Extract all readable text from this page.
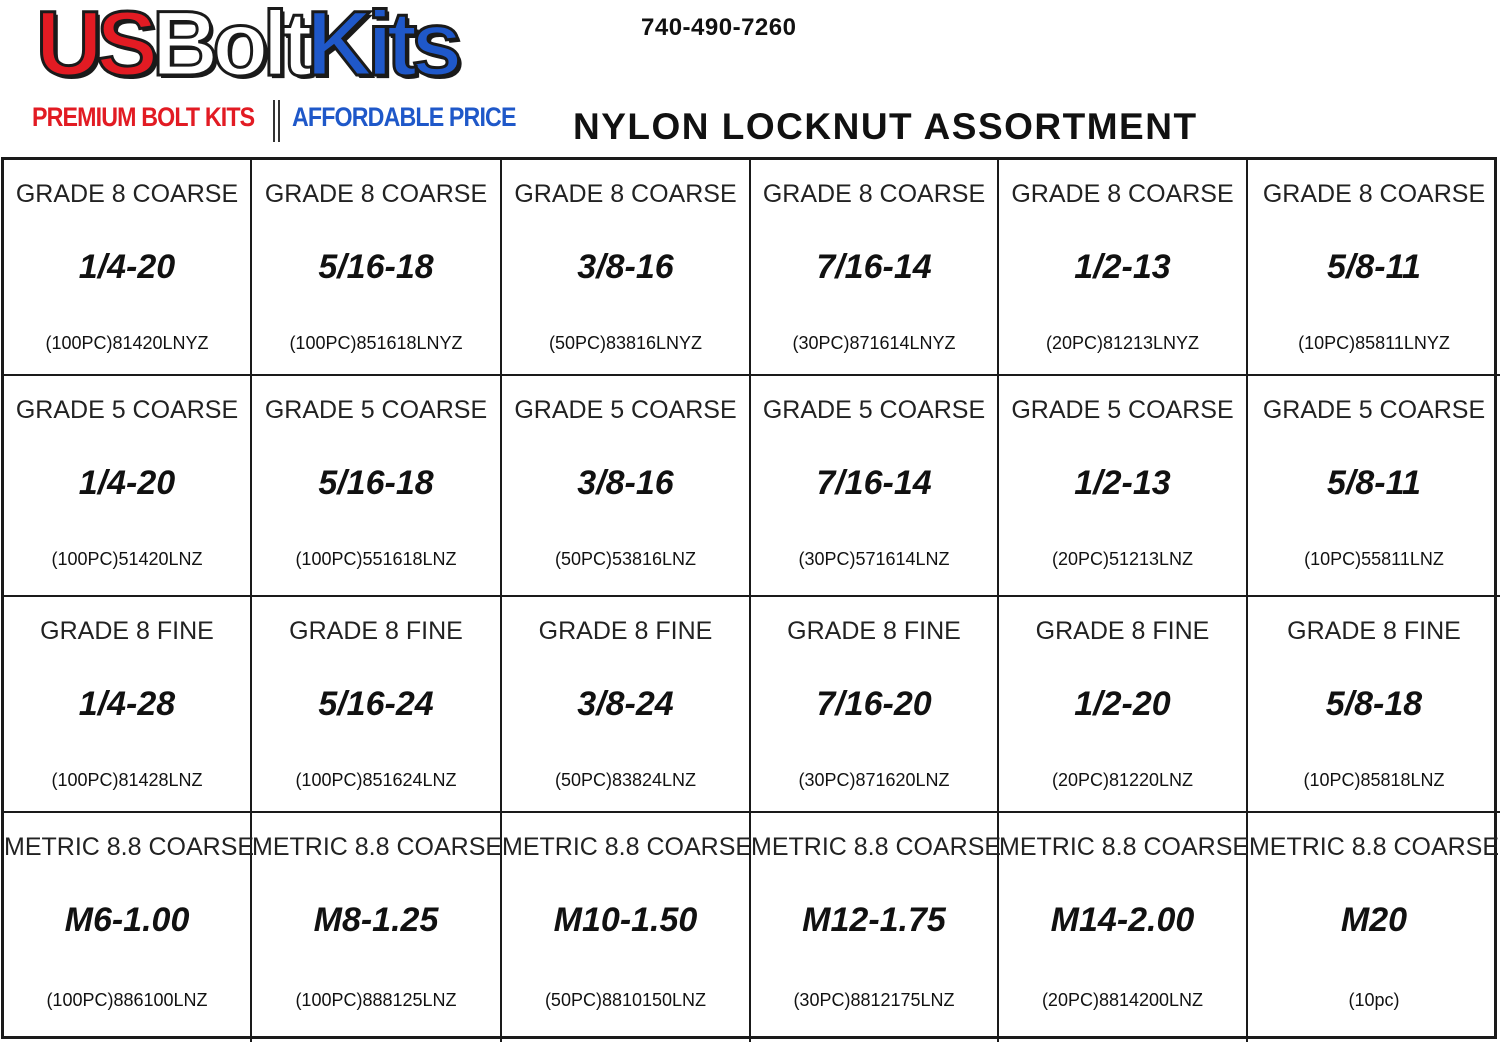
USBoltKits
PREMIUM BOLT KITS AFFORDABLE PRICE
740-490-7260
NYLON LOCKNUT ASSORTMENT
GRADE 8 COARSE
1/4-20
(100PC)81420LNYZ
GRADE 8 COARSE
5/16-18
(100PC)851618LNYZ
GRADE 8 COARSE
3/8-16
(50PC)83816LNYZ
GRADE 8 COARSE
7/16-14
(30PC)871614LNYZ
GRADE 8 COARSE
1/2-13
(20PC)81213LNYZ
GRADE 8 COARSE
5/8-11
(10PC)85811LNYZ
GRADE 5 COARSE
1/4-20
(100PC)51420LNZ
GRADE 5 COARSE
5/16-18
(100PC)551618LNZ
GRADE 5 COARSE
3/8-16
(50PC)53816LNZ
GRADE 5 COARSE
7/16-14
(30PC)571614LNZ
GRADE 5 COARSE
1/2-13
(20PC)51213LNZ
GRADE 5 COARSE
5/8-11
(10PC)55811LNZ
GRADE 8 FINE
1/4-28
(100PC)81428LNZ
GRADE 8 FINE
5/16-24
(100PC)851624LNZ
GRADE 8 FINE
3/8-24
(50PC)83824LNZ
GRADE 8 FINE
7/16-20
(30PC)871620LNZ
GRADE 8 FINE
1/2-20
(20PC)81220LNZ
GRADE 8 FINE
5/8-18
(10PC)85818LNZ
METRIC 8.8 COARSE
M6-1.00
(100PC)886100LNZ
METRIC 8.8 COARSE
M8-1.25
(100PC)888125LNZ
METRIC 8.8 COARSE
M10-1.50
(50PC)8810150LNZ
METRIC 8.8 COARSE
M12-1.75
(30PC)8812175LNZ
METRIC 8.8 COARSE
M14-2.00
(20PC)8814200LNZ
METRIC 8.8 COARSE
M20
(10pc)
